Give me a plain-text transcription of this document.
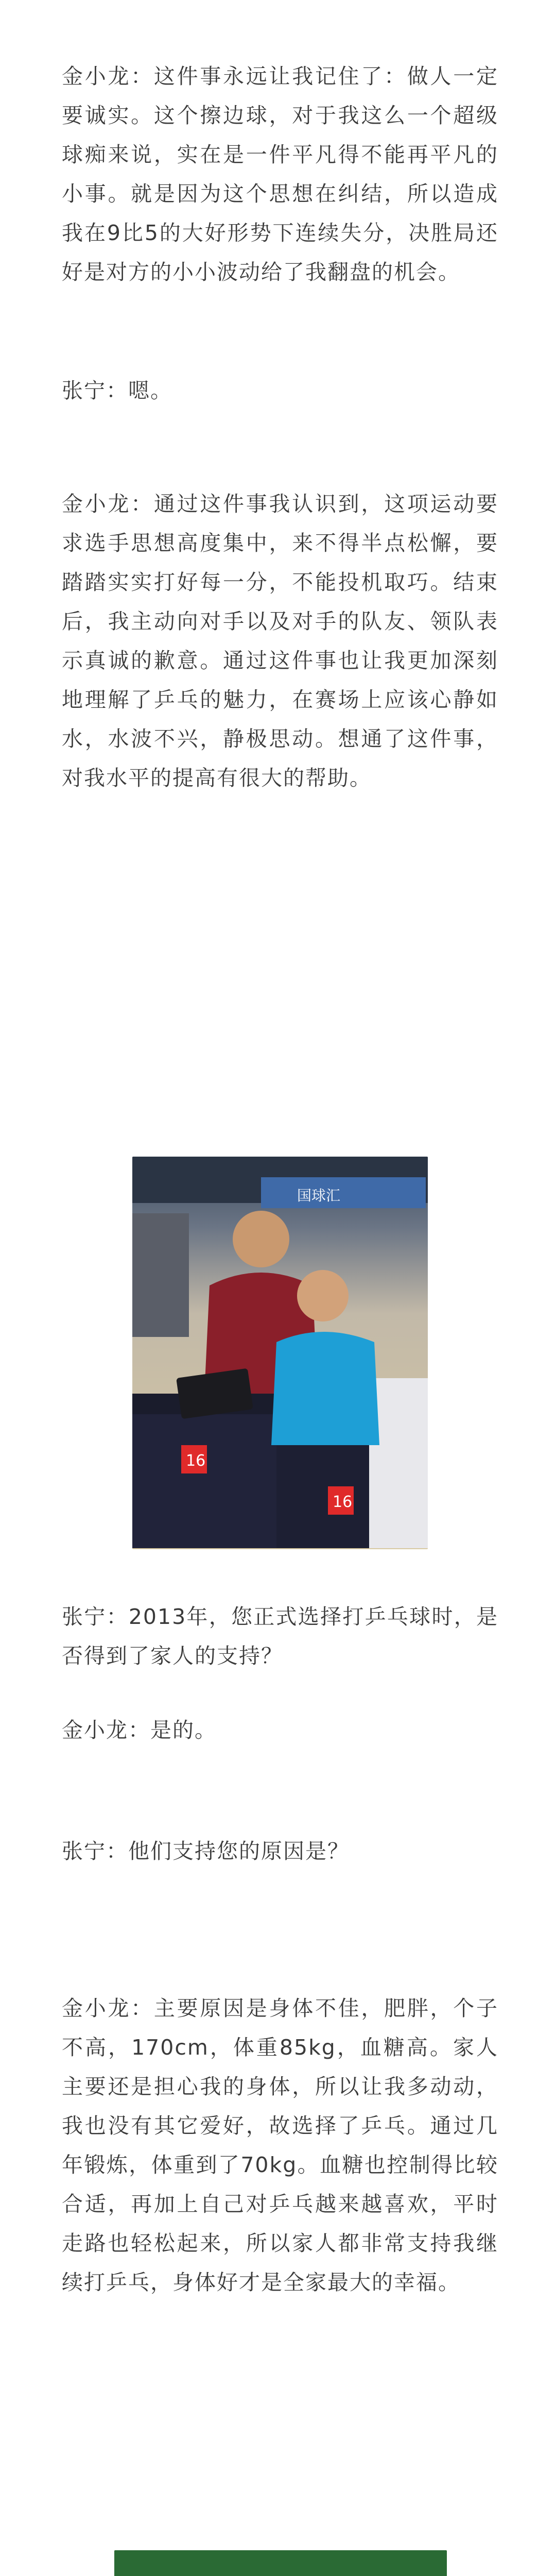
金小龙：这件事永远让我记住了：做人一定要诚实。这个擦边球，对于我这么一个超级球痴来说，实在是一件平凡得不能再平凡的小事。就是因为这个思想在纠结，所以造成我在9比5的大好形势下连续失分，决胜局还好是对方的小小波动给了我翻盘的机会。

张宁：嗯。

金小龙：通过这件事我认识到，这项运动要求选手思想高度集中，来不得半点松懈，要踏踏实实打好每一分，不能投机取巧。结束后，我主动向对手以及对手的队友、领队表示真诚的歉意。通过这件事也让我更加深刻地理解了乒乓的魅力，在赛场上应该心静如水，水波不兴，静极思动。想通了这件事，对我水平的提高有很大的帮助。

国球汇
16
16

张宁：2013年，您正式选择打乒乓球时，是否得到了家人的支持？

金小龙：是的。

张宁：他们支持您的原因是？

金小龙：主要原因是身体不佳，肥胖，个子不高，170cm，体重85kg，血糖高。家人主要还是担心我的身体，所以让我多动动，我也没有其它爱好，故选择了乒乓。通过几年锻炼，体重到了70kg。血糖也控制得比较合适，再加上自己对乒乓越来越喜欢，平时走路也轻松起来，所以家人都非常支持我继续打乒乓，身体好才是全家最大的幸福。
